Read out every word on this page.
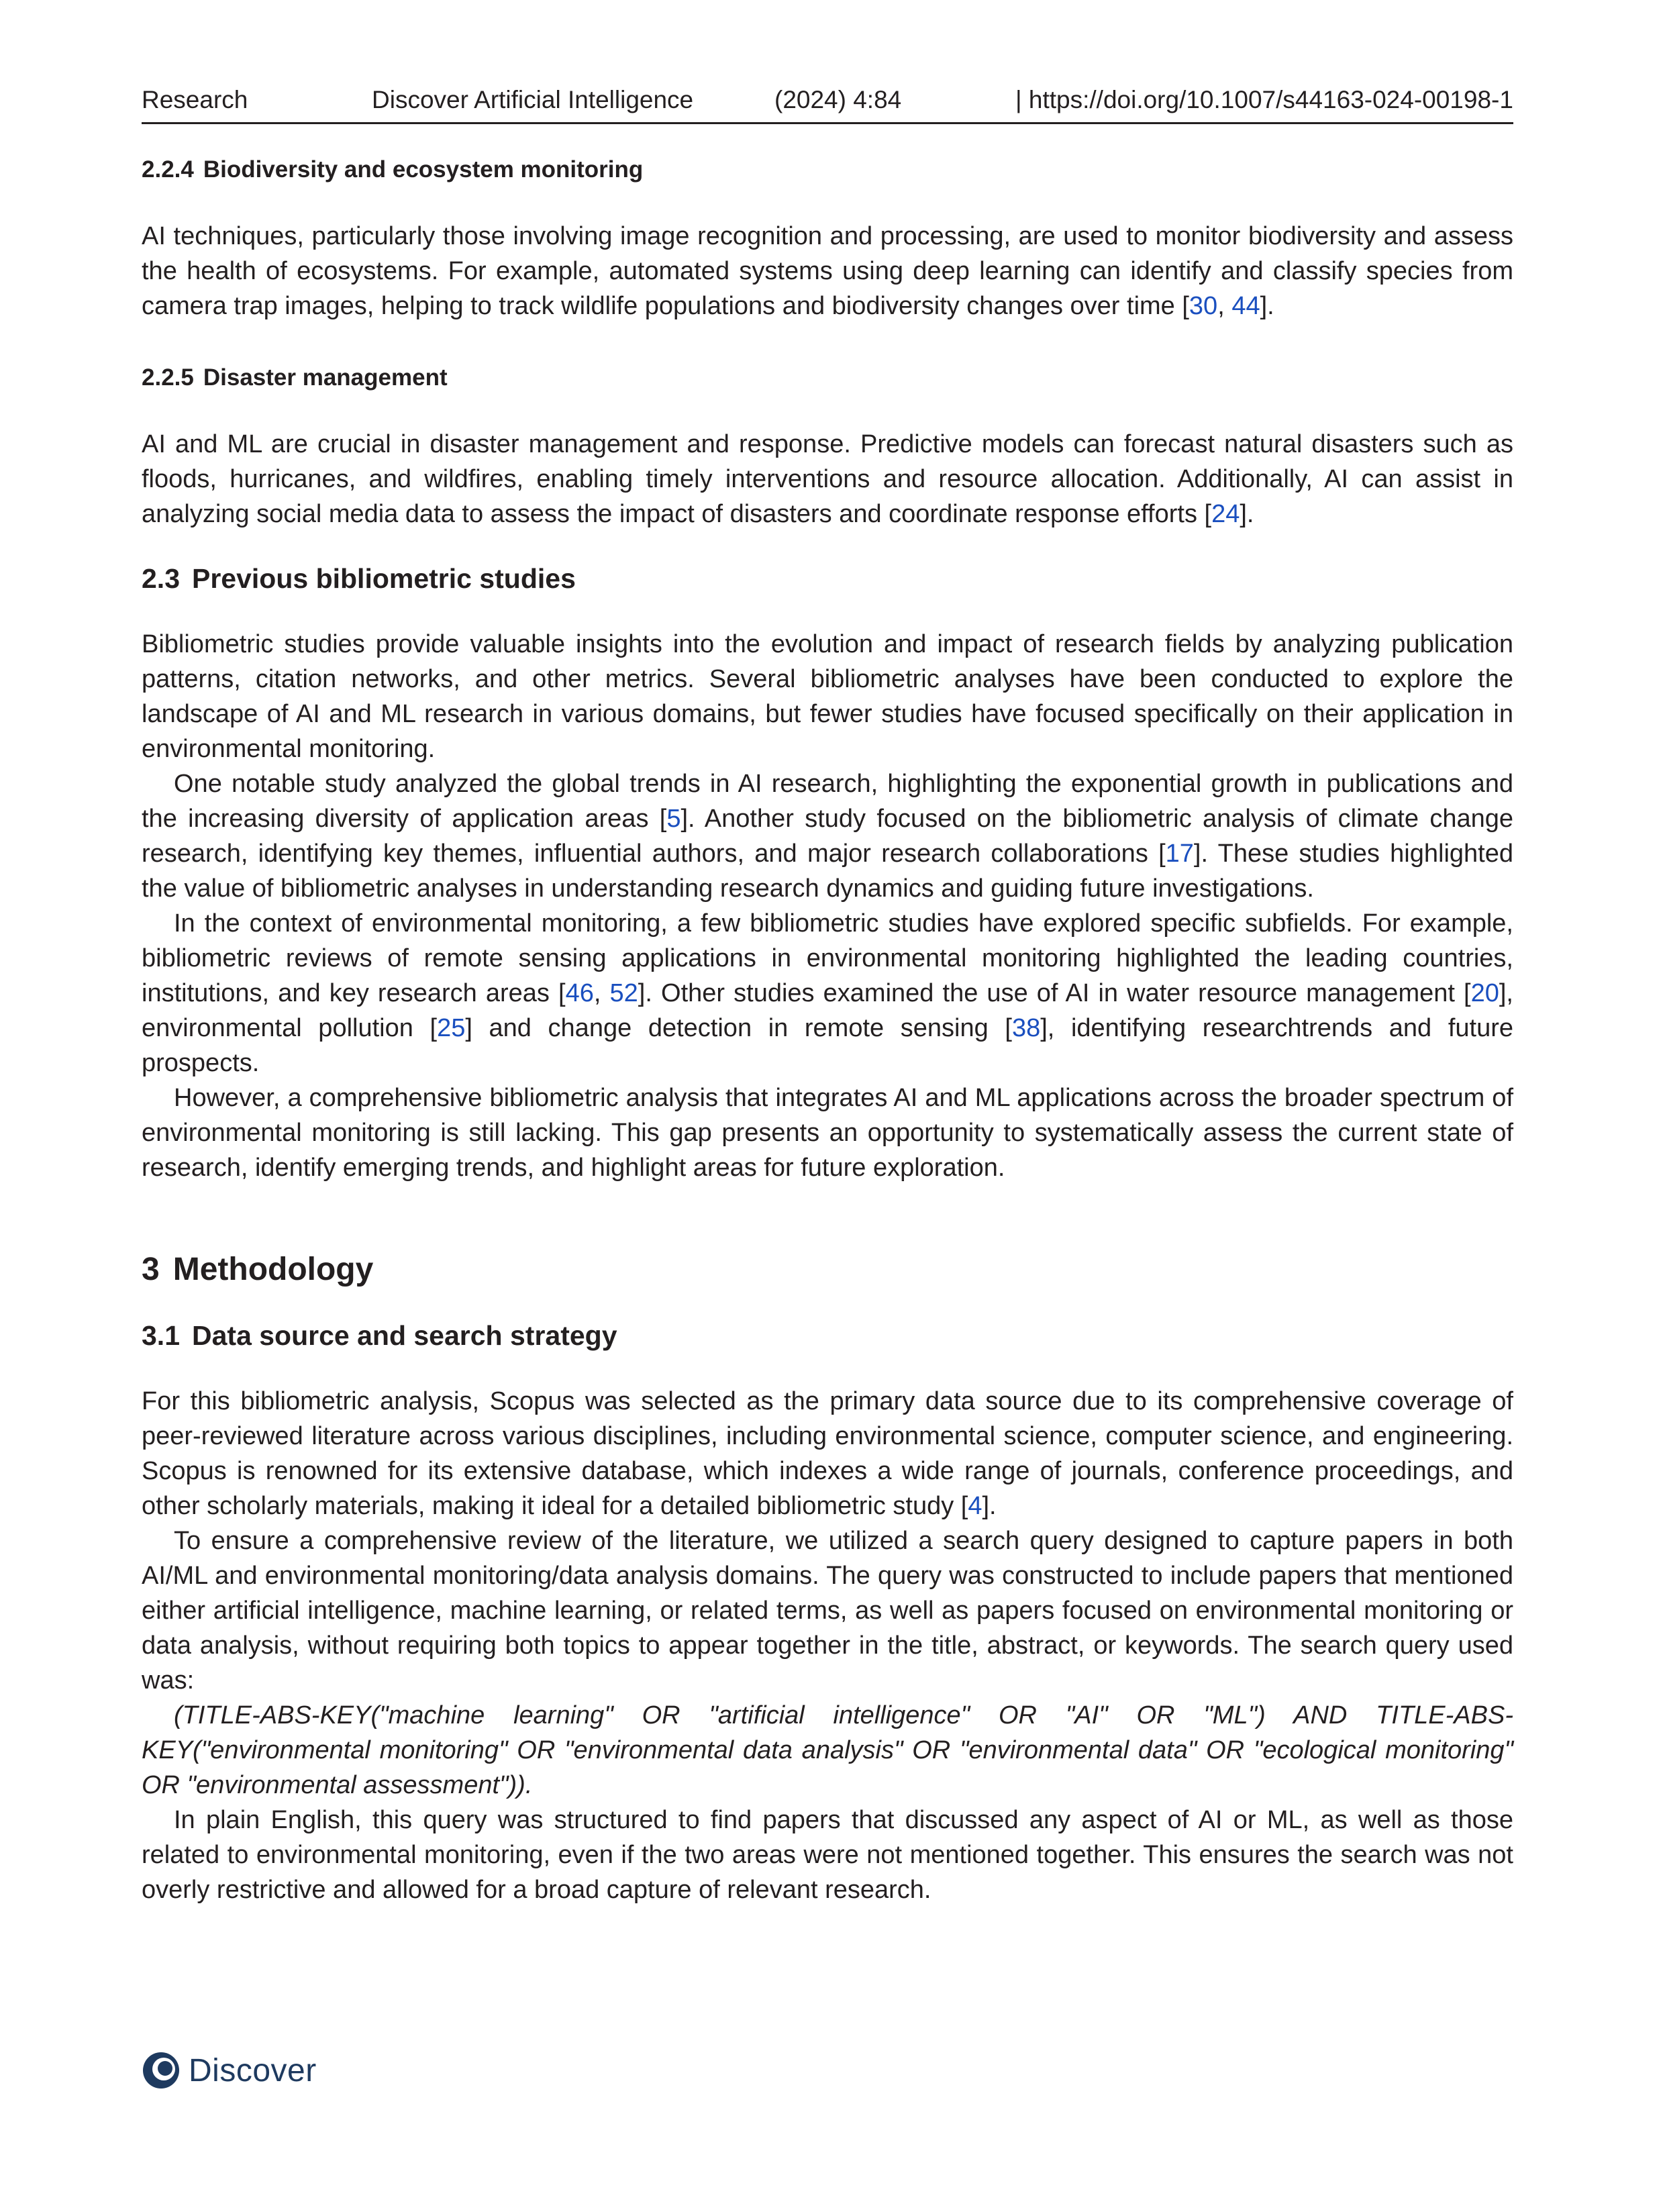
Research	Discover Artificial Intelligence	(2024) 4:84	| https://doi.org/10.1007/s44163-024-00198-1
2.2.4 Biodiversity and ecosystem monitoring

AI techniques, particularly those involving image recognition and processing, are used to monitor biodiversity and assess the health of ecosystems. For example, automated systems using deep learning can identify and classify species from camera trap images, helping to track wildlife populations and biodiversity changes over time [30, 44].

2.2.5 Disaster management

AI and ML are crucial in disaster management and response. Predictive models can forecast natural disasters such as floods, hurricanes, and wildfires, enabling timely interventions and resource allocation. Additionally, AI can assist in analyzing social media data to assess the impact of disasters and coordinate response efforts [24].

2.3 Previous bibliometric studies

Bibliometric studies provide valuable insights into the evolution and impact of research fields by analyzing publication patterns, citation networks, and other metrics. Several bibliometric analyses have been conducted to explore the landscape of AI and ML research in various domains, but fewer studies have focused specifically on their application in environmental monitoring.

One notable study analyzed the global trends in AI research, highlighting the exponential growth in publications and the increasing diversity of application areas [5]. Another study focused on the bibliometric analysis of climate change research, identifying key themes, influential authors, and major research collaborations [17]. These studies highlighted the value of bibliometric analyses in understanding research dynamics and guiding future investigations.

In the context of environmental monitoring, a few bibliometric studies have explored specific subfields. For example, bibliometric reviews of remote sensing applications in environmental monitoring highlighted the leading countries, institutions, and key research areas [46, 52]. Other studies examined the use of AI in water resource management [20], environmental pollution [25] and change detection in remote sensing [38], identifying researchtrends and future prospects.

However, a comprehensive bibliometric analysis that integrates AI and ML applications across the broader spectrum of environmental monitoring is still lacking. This gap presents an opportunity to systematically assess the current state of research, identify emerging trends, and highlight areas for future exploration.

3 Methodology
3.1 Data source and search strategy

For this bibliometric analysis, Scopus was selected as the primary data source due to its comprehensive coverage of peer-reviewed literature across various disciplines, including environmental science, computer science, and engineering. Scopus is renowned for its extensive database, which indexes a wide range of journals, conference proceedings, and other scholarly materials, making it ideal for a detailed bibliometric study [4].

To ensure a comprehensive review of the literature, we utilized a search query designed to capture papers in both AI/ML and environmental monitoring/data analysis domains. The query was constructed to include papers that mentioned either artificial intelligence, machine learning, or related terms, as well as papers focused on environmental monitoring or data analysis, without requiring both topics to appear together in the title, abstract, or keywords. The search query used was:

(TITLE-ABS-KEY("machine learning" OR "artificial intelligence" OR "AI" OR "ML") AND TITLE-ABS-KEY("environmental monitoring" OR "environmental data analysis" OR "environmental data" OR "ecological monitoring" OR "environmental assessment")).

In plain English, this query was structured to find papers that discussed any aspect of AI or ML, as well as those related to environmental monitoring, even if the two areas were not mentioned together. This ensures the search was not overly restrictive and allowed for a broad capture of relevant research.

Discover
